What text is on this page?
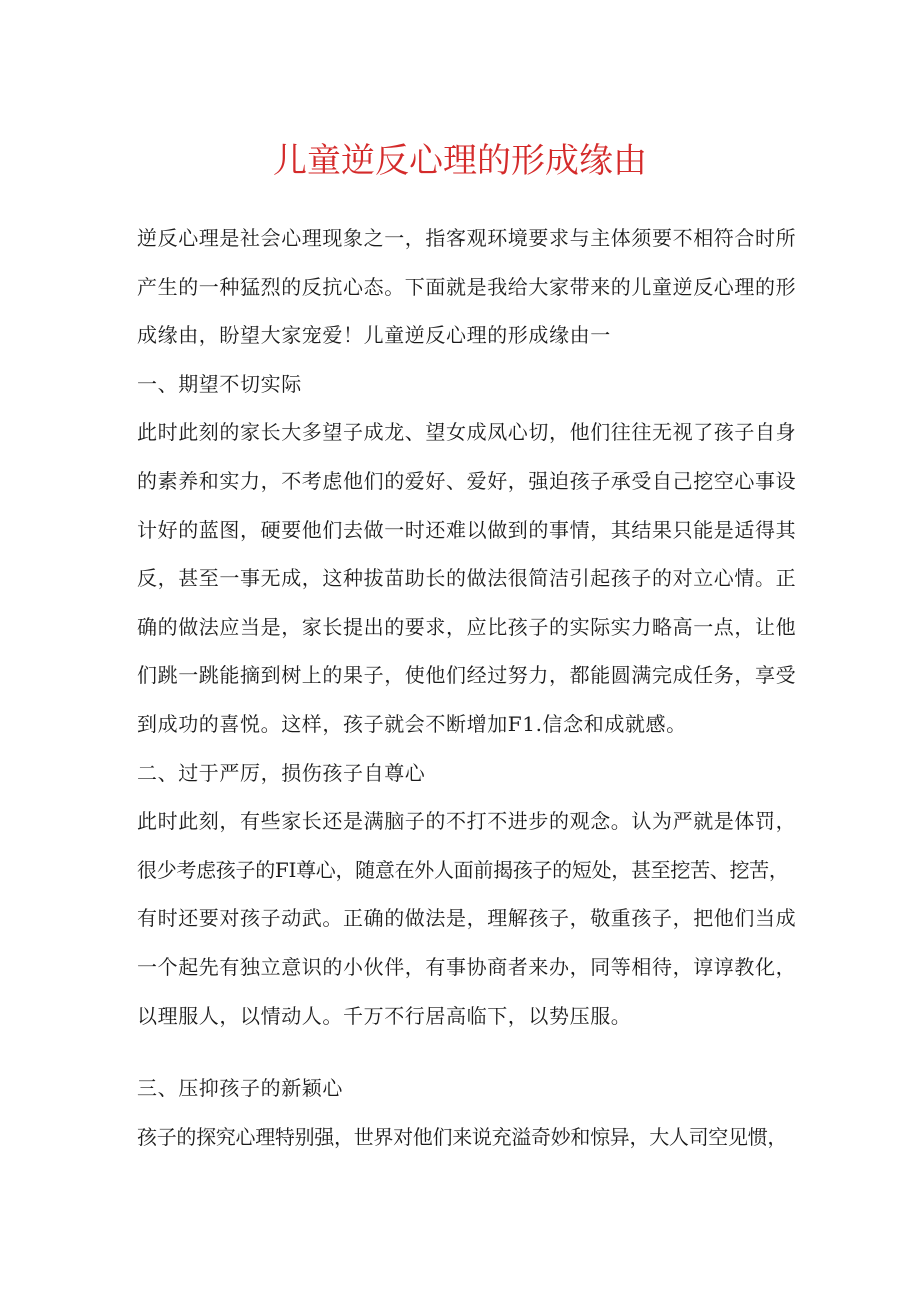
儿童逆反心理的形成缘由
逆反心理是社会心理现象之一，指客观环境要求与主体须要不相符合时所
产生的一种猛烈的反抗心态。下面就是我给大家带来的儿童逆反心理的形
成缘由，盼望大家宠爱！儿童逆反心理的形成缘由一
一、期望不切实际
此时此刻的家长大多望子成龙、望女成凤心切，他们往往无视了孩子自身
的素养和实力，不考虑他们的爱好、爱好，强迫孩子承受自己挖空心事设
计好的蓝图，硬要他们去做一时还难以做到的事情，其结果只能是适得其
反，甚至一事无成，这种拔苗助长的做法很简洁引起孩子的对立心情。正
确的做法应当是，家长提出的要求，应比孩子的实际实力略高一点，让他
们跳一跳能摘到树上的果子，使他们经过努力，都能圆满完成任务，享受
到成功的喜悦。这样，孩子就会不断增加F1.信念和成就感。
二、过于严厉，损伤孩子自尊心
此时此刻，有些家长还是满脑子的不打不进步的观念。认为严就是体罚，
很少考虑孩子的FI尊心，随意在外人面前揭孩子的短处，甚至挖苦、挖苦，
有时还要对孩子动武。正确的做法是，理解孩子，敬重孩子，把他们当成
一个起先有独立意识的小伙伴，有事协商者来办，同等相待，谆谆教化，
以理服人，以情动人。千万不行居高临下，以势压服。
三、压抑孩子的新颖心
孩子的探究心理特别强，世界对他们来说充溢奇妙和惊异，大人司空见惯，
